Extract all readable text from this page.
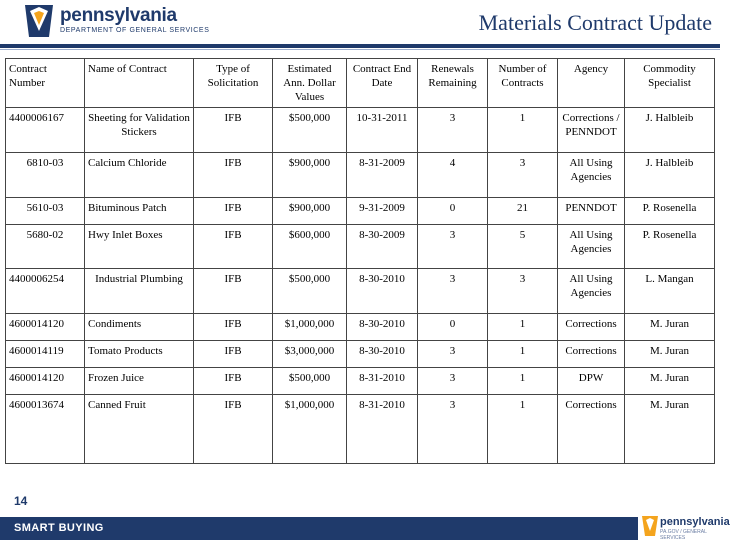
pennsylvania
DEPARTMENT OF GENERAL SERVICES	Materials Contract Update
Contract Number	Name of Contract	Type of Solicitation	Estimated Ann. Dollar Values	Contract End Date	Renewals Remaining	Number of Contracts	Agency	Commodity Specialist
4400006167	Sheeting for Validation Stickers	IFB	$500,000	10-31-2011	3	1	Corrections / PENNDOT	J. Halbleib
6810-03	Calcium Chloride	IFB	$900,000	8-31-2009	4	3	All Using Agencies	J. Halbleib
5610-03	Bituminous Patch	IFB	$900,000	9-31-2009	0	21	PENNDOT	P. Rosenella
5680-02	Hwy Inlet Boxes	IFB	$600,000	8-30-2009	3	5	All Using Agencies	P. Rosenella
4400006254	Industrial Plumbing	IFB	$500,000	8-30-2010	3	3	All Using Agencies	L. Mangan
4600014120	Condiments	IFB	$1,000,000	8-30-2010	0	1	Corrections	M. Juran
4600014119	Tomato Products	IFB	$3,000,000	8-30-2010	3	1	Corrections	M. Juran
4600014120	Frozen Juice	IFB	$500,000	8-31-2010	3	1	DPW	M. Juran
4600013674	Canned Fruit	IFB	$1,000,000	8-31-2010	3	1	Corrections	M. Juran
14
SMART BUYING	pennsylvania
PA.GOV / GENERAL SERVICES
